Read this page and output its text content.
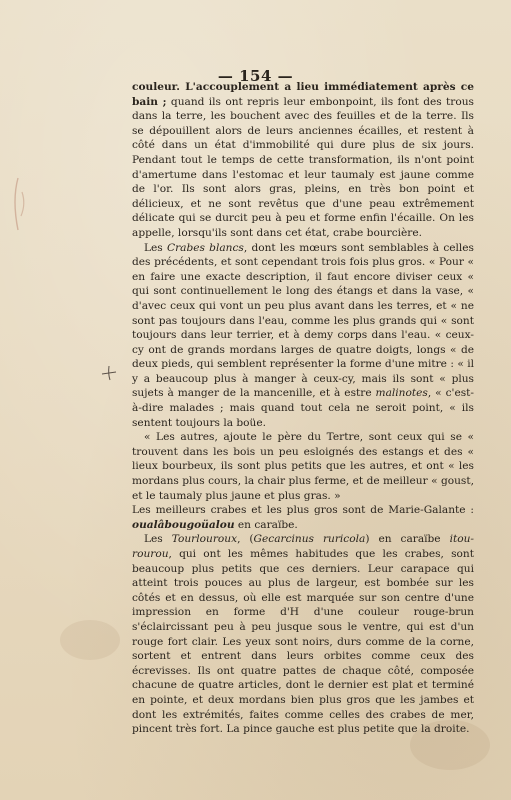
— 154 —

couleur. L'accouplement a lieu immédiatement après ce bain ; quand ils ont repris leur embonpoint, ils font des trous dans la terre, les bouchent avec des feuilles et de la terre. Ils se dépouillent alors de leurs anciennes écailles, et restent à côté dans un état d'immobilité qui dure plus de six jours. Pendant tout le temps de cette transformation, ils n'ont point d'amertume dans l'estomac et leur taumaly est jaune comme de l'or. Ils sont alors gras, pleins, en très bon point et délicieux, et ne sont revêtus que d'une peau extrêmement délicate qui se durcit peu à peu et forme enfin l'écaille. On les appelle, lorsqu'ils sont dans cet état, crabe bourcière.

Les Crabes blancs, dont les mœurs sont semblables à celles des précédents, et sont cependant trois fois plus gros. « Pour « en faire une exacte description, il faut encore diviser ceux « qui sont continuellement le long des étangs et dans la vase, « d'avec ceux qui vont un peu plus avant dans les terres, et « ne sont pas toujours dans l'eau, comme les plus grands qui « sont toujours dans leur terrier, et à demy corps dans l'eau. « ceux-cy ont de grands mordans larges de quatre doigts, longs « de deux pieds, qui semblent représenter la forme d'une mitre : « il y a beaucoup plus à manger à ceux-cy, mais ils sont « plus sujets à manger de la mancenille, et à estre malinotes, « c'est-à-dire malades ; mais quand tout cela ne seroit point, « ils sentent toujours la boüe.

« Les autres, ajoute le père du Tertre, sont ceux qui se « trouvent dans les bois un peu esloignés des estangs et des « lieux bourbeux, ils sont plus petits que les autres, et ont « les mordans plus cours, la chair plus ferme, et de meilleur « goust, et le taumaly plus jaune et plus gras. »

Les meilleurs crabes et les plus gros sont de Marie-Galante : oualâbougoüalou en caraïbe.

Les Tourlouroux, (Gecarcinus ruricola) en caraïbe itou-rourou, qui ont les mêmes habitudes que les crabes, sont beaucoup plus petits que ces derniers. Leur carapace qui atteint trois pouces au plus de largeur, est bombée sur les côtés et en dessus, où elle est marquée sur son centre d'une impression en forme d'H d'une couleur rouge-brun s'éclaircissant peu à peu jusque sous le ventre, qui est d'un rouge fort clair. Les yeux sont noirs, durs comme de la corne, sortent et entrent dans leurs orbites comme ceux des écrevisses. Ils ont quatre pattes de chaque côté, composée chacune de quatre articles, dont le dernier est plat et terminé en pointe, et deux mordans bien plus gros que les jambes et dont les extrémités, faites comme celles des crabes de mer, pincent très fort. La pince gauche est plus petite que la droite.
